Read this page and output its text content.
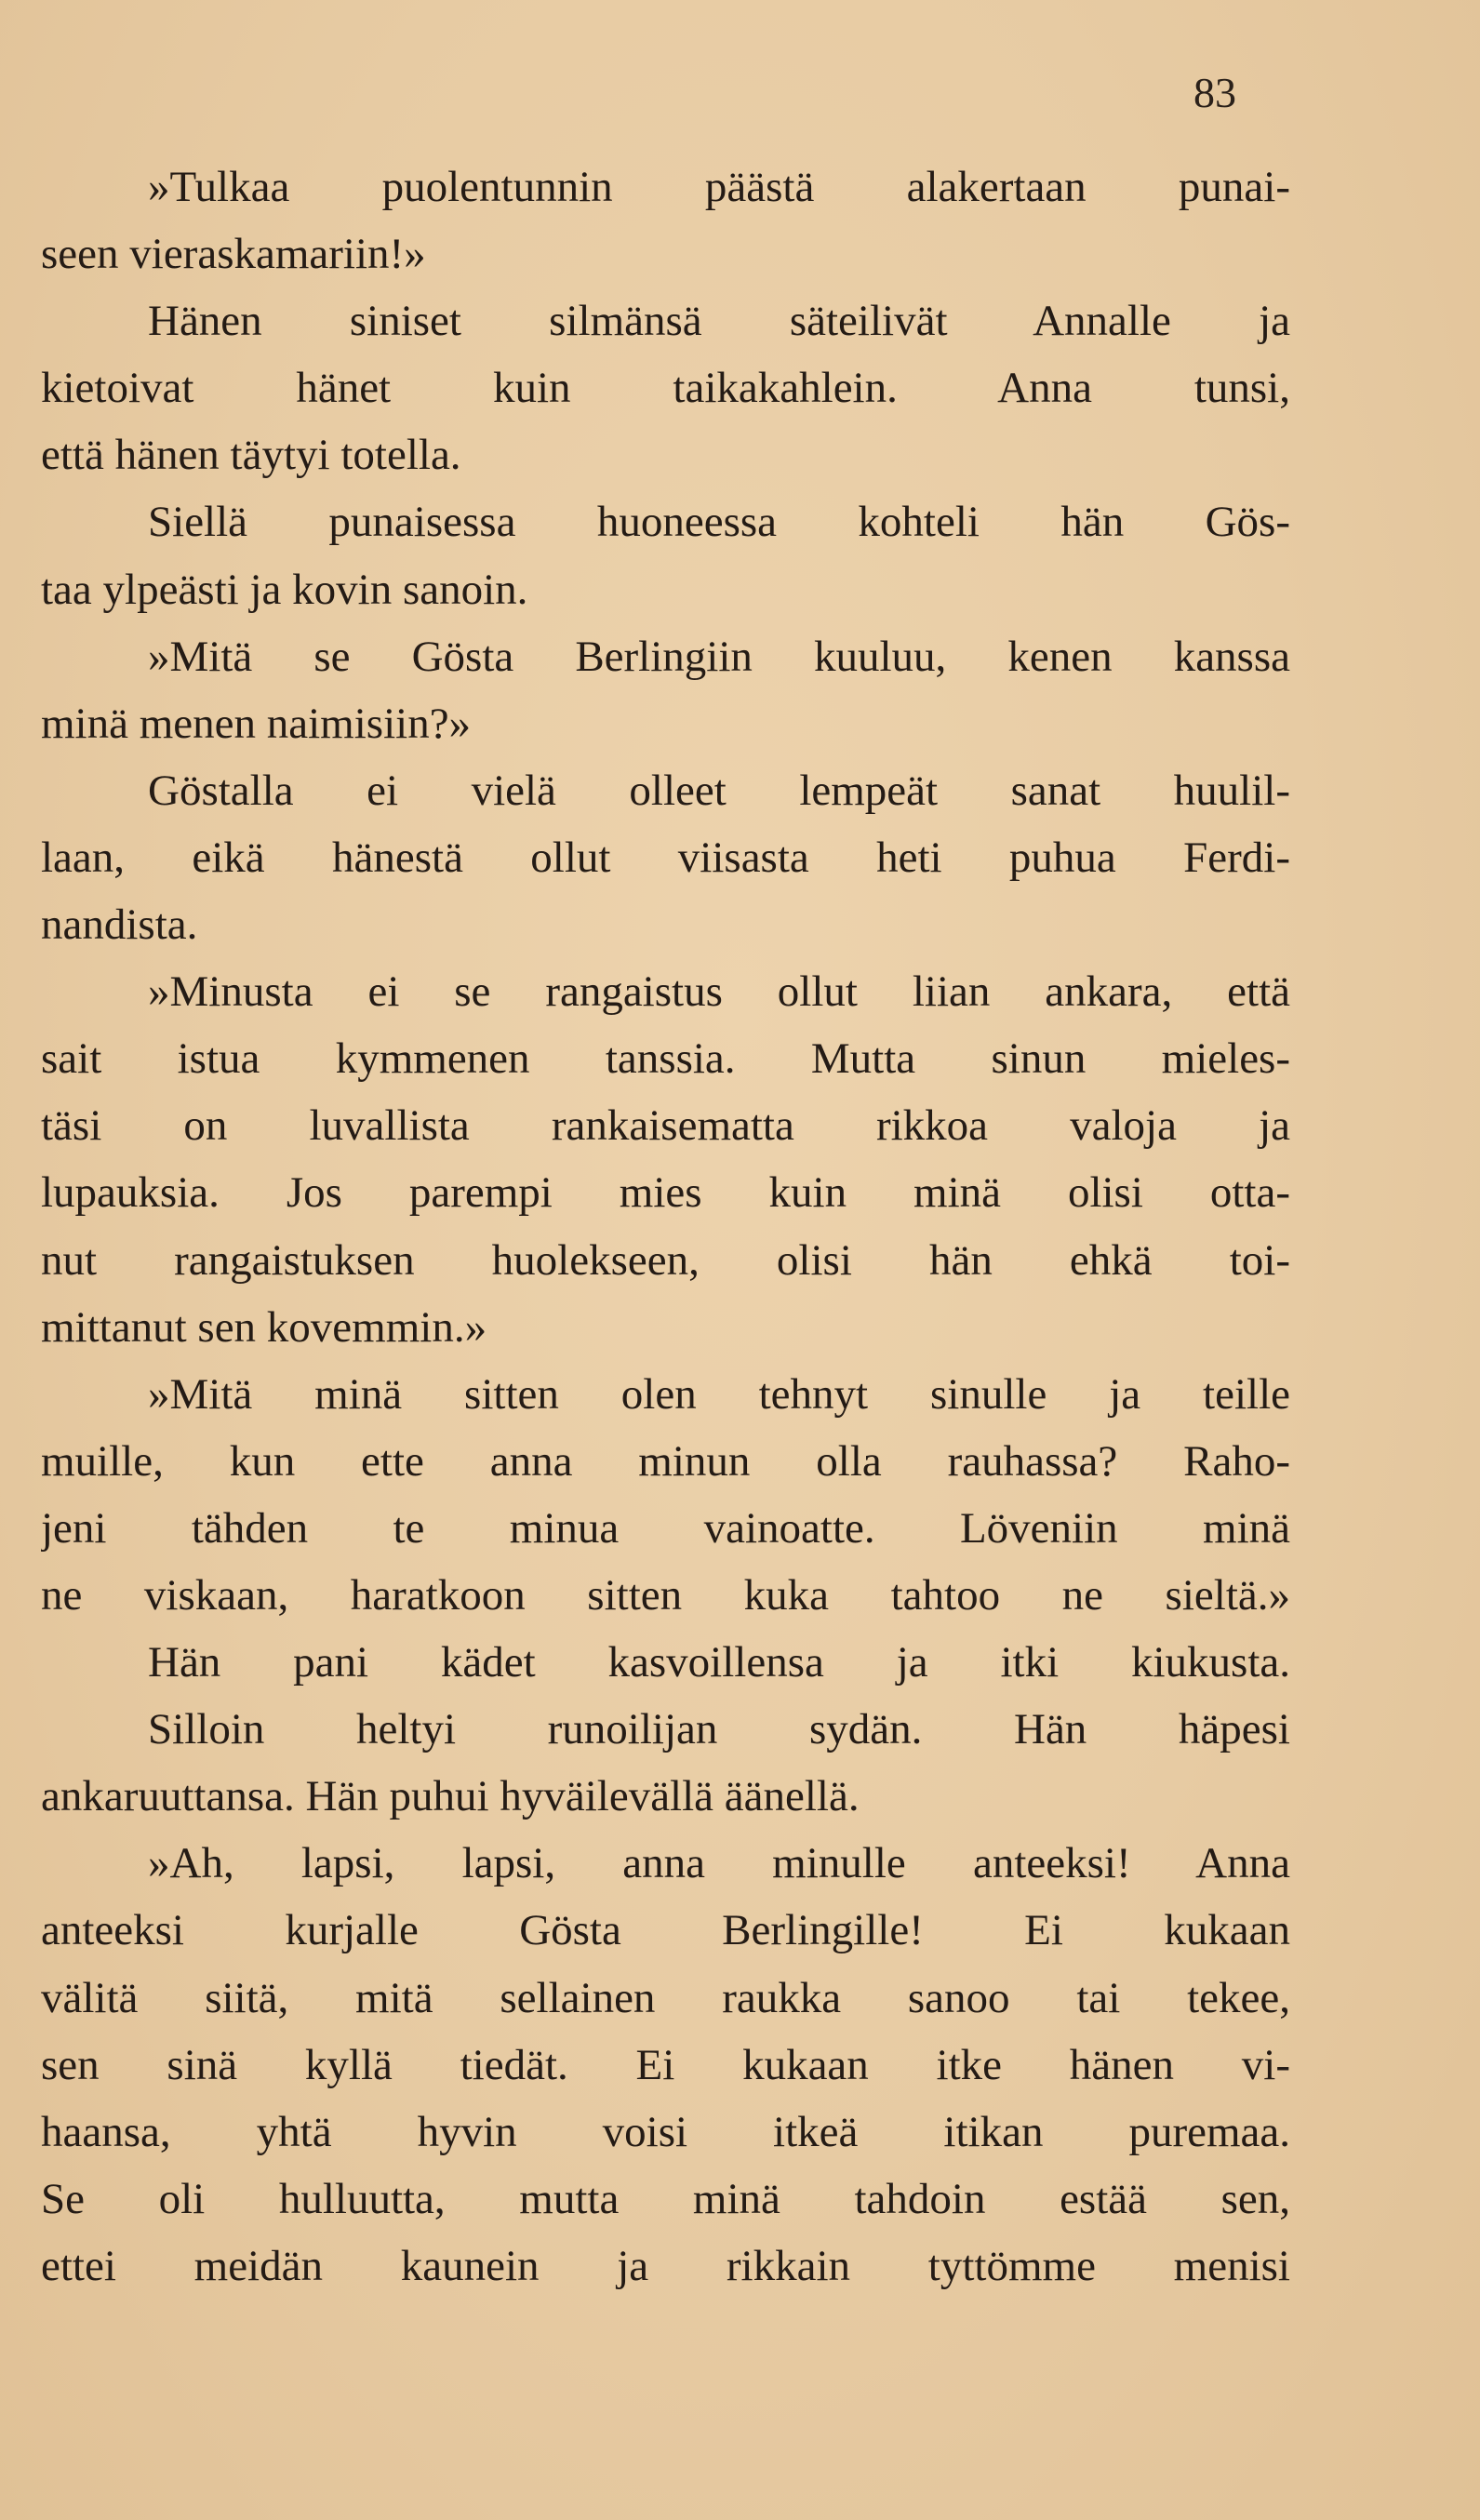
83
»Tulkaa puolentunnin päästä alakertaan punai-
seen vieraskamariin!»
Hänen siniset silmänsä säteilivät Annalle ja
kietoivat hänet kuin taikakahlein. Anna tunsi,
että hänen täytyi totella.
Siellä punaisessa huoneessa kohteli hän Gös-
taa ylpeästi ja kovin sanoin.
»Mitä se Gösta Berlingiin kuuluu, kenen kanssa
minä menen naimisiin?»
Göstalla ei vielä olleet lempeät sanat huulil-
laan, eikä hänestä ollut viisasta heti puhua Ferdi-
nandista.
»Minusta ei se rangaistus ollut liian ankara, että
sait istua kymmenen tanssia. Mutta sinun mieles-
täsi on luvallista rankaisematta rikkoa valoja ja
lupauksia. Jos parempi mies kuin minä olisi otta-
nut rangaistuksen huolekseen, olisi hän ehkä toi-
mittanut sen kovemmin.»
»Mitä minä sitten olen tehnyt sinulle ja teille
muille, kun ette anna minun olla rauhassa? Raho-
jeni tähden te minua vainoatte. Löveniin minä
ne viskaan, haratkoon sitten kuka tahtoo ne sieltä.»
Hän pani kädet kasvoillensa ja itki kiukusta.
Silloin heltyi runoilijan sydän. Hän häpesi
ankaruuttansa. Hän puhui hyväilevällä äänellä.
»Ah, lapsi, lapsi, anna minulle anteeksi! Anna
anteeksi kurjalle Gösta Berlingille! Ei kukaan
välitä siitä, mitä sellainen raukka sanoo tai tekee,
sen sinä kyllä tiedät. Ei kukaan itke hänen vi-
haansa, yhtä hyvin voisi itkeä itikan puremaa.
Se oli hulluutta, mutta minä tahdoin estää sen,
ettei meidän kaunein ja rikkain tyttömme menisi
